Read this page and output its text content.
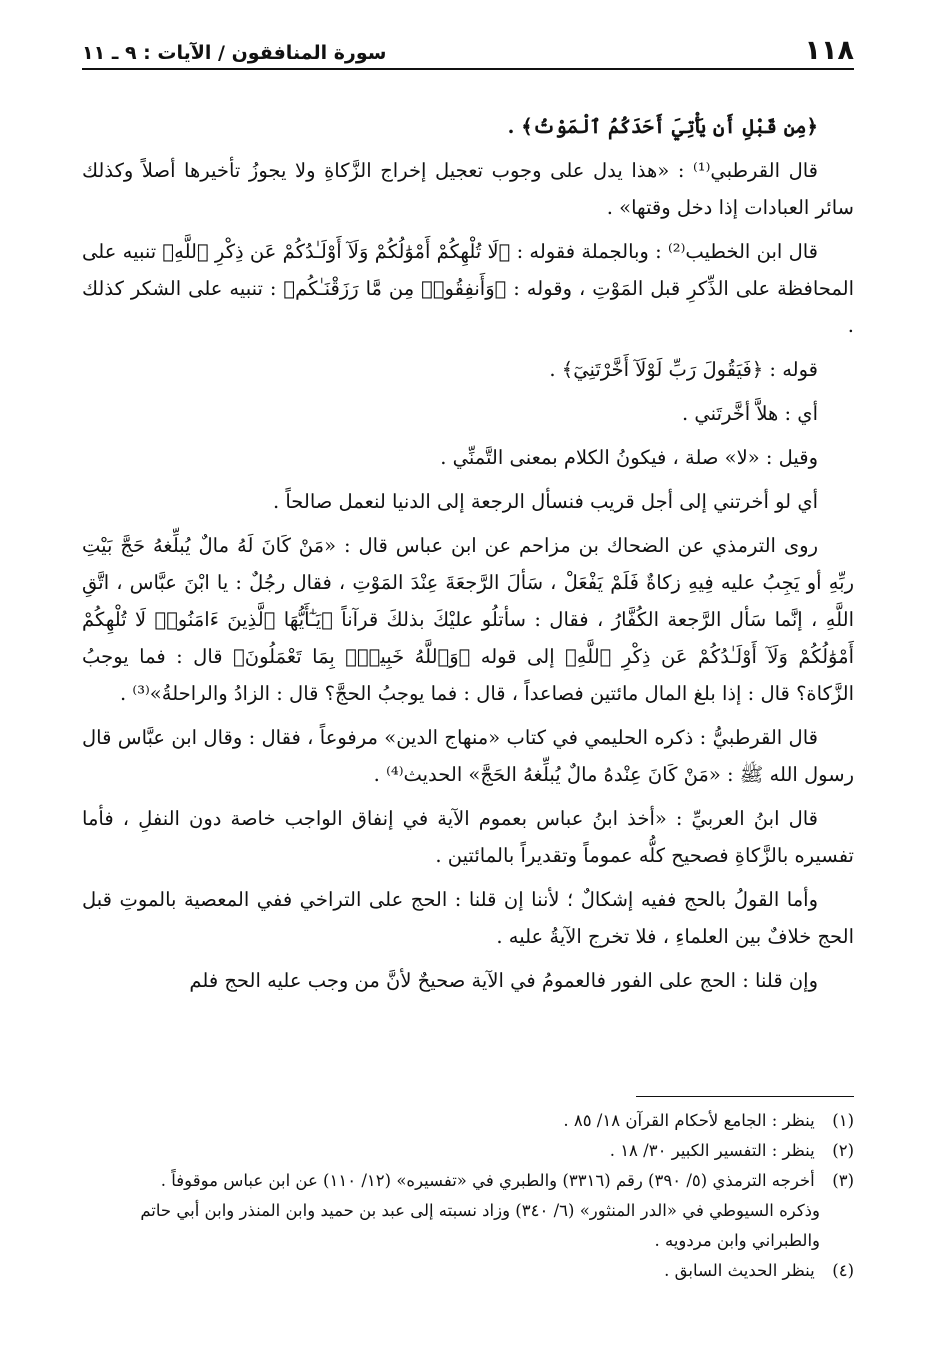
١١٨
سورة المنافقون / الآيات : ٩ ـ ١١

﴿مِن قَبْلِ أَن يَأْتِيَ أَحَدَكُمُ ٱلْمَوْتُ﴾ .

قال القرطبي⁽¹⁾ : «هذا يدل على وجوب تعجيل إخراج الزَّكاةِ ولا يجوزُ تأخيرها أصلاً وكذلك سائر العبادات إذا دخل وقتها» .

قال ابن الخطيب⁽²⁾ : وبالجملة فقوله : ﴿لَا تُلْهِكُمْ أَمْوَٰلُكُمْ وَلَآ أَوْلَـٰدُكُمْ عَن ذِكْرِ ٱللَّهِ﴾ تنبيه على المحافظة على الذِّكرِ قبل المَوْتِ ، وقوله : ﴿وَأَنفِقُوا۟ مِن مَّا رَزَقْنَـٰكُم﴾ : تنبيه على الشكر كذلك .

قوله : ﴿فَيَقُولَ رَبِّ لَوْلَآ أَخَّرْتَنِيٓ﴾ .

أي : هلاَّ أخَّرتَني .

وقيل : «لا» صلة ، فيكونُ الكلام بمعنى التَّمنِّي .

أي لو أخرتني إلى أجل قريب فنسأل الرجعة إلى الدنيا لنعمل صالحاً .

روى الترمذي عن الضحاك بن مزاحم عن ابن عباس قال : «مَنْ كَانَ لَهُ مالٌ يُبلِّغهُ حَجَّ بَيْتِ ربِّهِ أو يَجِبُ عليه فِيهِ زكاةٌ فَلَمْ يَفْعَلْ ، سَألَ الرَّجعَةَ عِنْدَ المَوْتِ ، فقال رجُلٌ : يا ابْنَ عبَّاس ، اتَّقِ اللَّهِ ، إنَّما سَأل الرَّجعة الكُفَّارُ ، فقال : سأتلُو عليْكَ بذلكَ قرآناً ﴿يَـٰٓأَيُّهَا ٱلَّذِينَ ءَامَنُوا۟ لَا تُلْهِكُمْ أَمْوَٰلُكُمْ وَلَآ أَوْلَـٰدُكُمْ عَن ذِكْرِ ٱللَّهِ﴾ إلى قوله ﴿وَٱللَّهُ خَبِيرٌۢ بِمَا تَعْمَلُونَ﴾ قال : فما يوجبُ الزَّكاة؟ قال : إذا بلغ المال مائتين فصاعداً ، قال : فما يوجبُ الحجَّ؟ قال : الزادُ والراحلةُ»⁽³⁾ .

قال القرطبيُّ : ذكره الحليمي في كتاب «منهاج الدين» مرفوعاً ، فقال : وقال ابن عبَّاس قال رسول الله ﷺ : «مَنْ كَانَ عِنْدهُ مالٌ يُبلِّغهُ الحَجَّ» الحديث⁽⁴⁾ .

قال ابنُ العربيِّ : «أخذ ابنُ عباس بعموم الآية في إنفاق الواجب خاصة دون النفلِ ، فأما تفسيره بالزَّكاةِ فصحيح كلُّه عموماً وتقديراً بالمائتين .

وأما القولُ بالحج ففيه إشكالٌ ؛ لأننا إن قلنا : الحج على التراخي ففي المعصية بالموتِ قبل الحج خلافٌ بين العلماءِ ، فلا تخرج الآيةُ عليه .

وإن قلنا : الحج على الفور فالعمومُ في الآية صحيحٌ لأنَّ من وجب عليه الحج فلم

(١) ينظر : الجامع لأحكام القرآن ١٨/ ٨٥ .

(٢) ينظر : التفسير الكبير ٣٠/ ١٨ .

(٣) أخرجه الترمذي (٥/ ٣٩٠) رقم (٣٣١٦) والطبري في «تفسيره» (١٢/ ١١٠) عن ابن عباس موقوفاً .

وذكره السيوطي في «الدر المنثور» (٦/ ٣٤٠) وزاد نسبته إلى عبد بن حميد وابن المنذر وابن أبي حاتم والطبراني وابن مردويه .

(٤) ينظر الحديث السابق .
